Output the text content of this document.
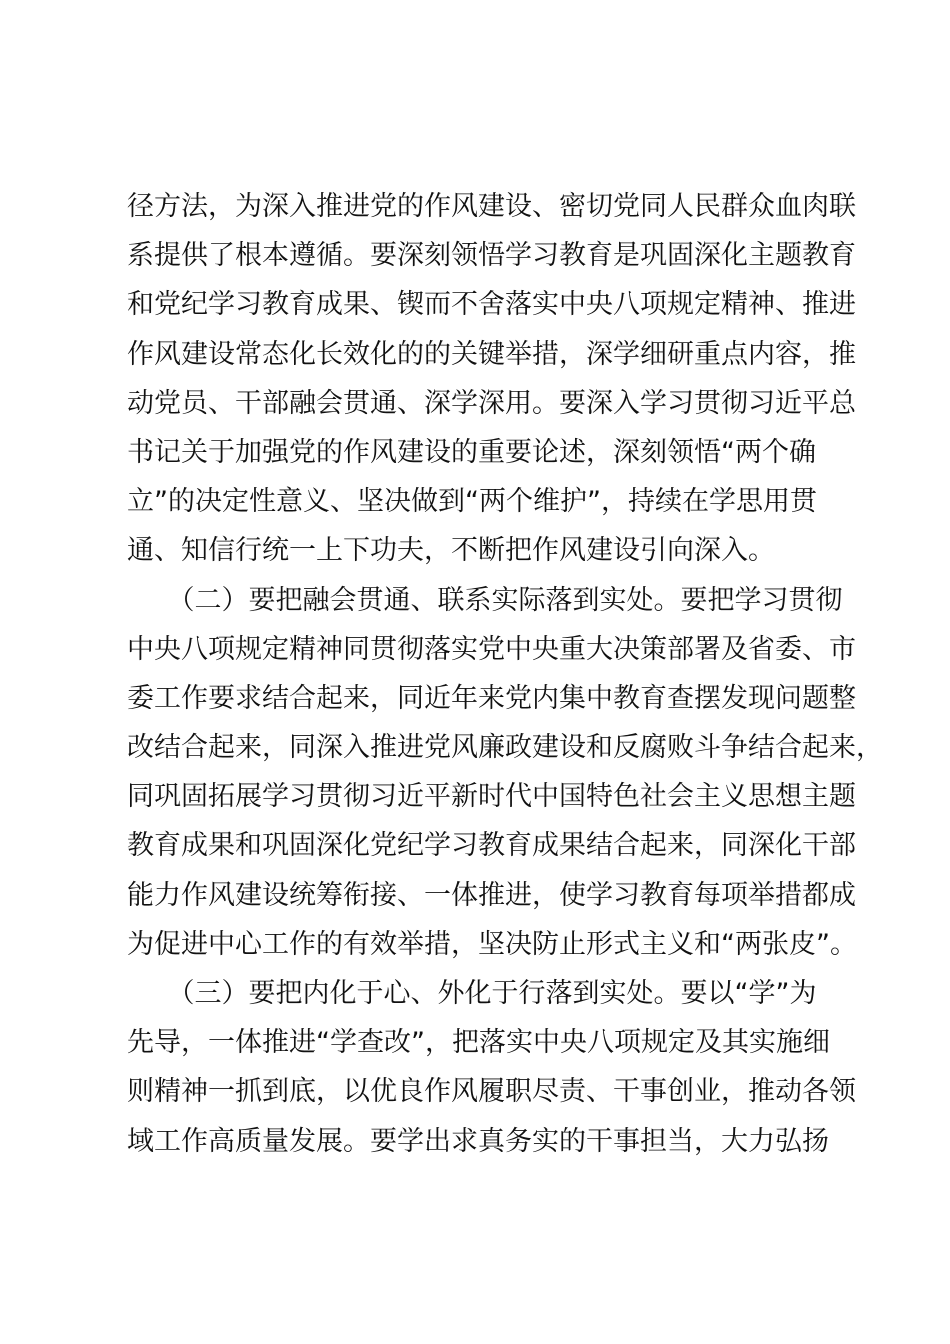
径方法，为深入推进党的作风建设、密切党同人民群众血肉联
系提供了根本遵循。要深刻领悟学习教育是巩固深化主题教育
和党纪学习教育成果、锲而不舍落实中央八项规定精神、推进
作风建设常态化长效化的的关键举措，深学细研重点内容，推
动党员、干部融会贯通、深学深用。要深入学习贯彻习近平总
书记关于加强党的作风建设的重要论述，深刻领悟“两个确
立”的决定性意义、坚决做到“两个维护”，持续在学思用贯
通、知信行统一上下功夫，不断把作风建设引向深入。
　　（二）要把融会贯通、联系实际落到实处。要把学习贯彻
中央八项规定精神同贯彻落实党中央重大决策部署及省委、市
委工作要求结合起来，同近年来党内集中教育查摆发现问题整
改结合起来，同深入推进党风廉政建设和反腐败斗争结合起来，
同巩固拓展学习贯彻习近平新时代中国特色社会主义思想主题
教育成果和巩固深化党纪学习教育成果结合起来，同深化干部
能力作风建设统筹衔接、一体推进，使学习教育每项举措都成
为促进中心工作的有效举措，坚决防止形式主义和“两张皮”。
　　（三）要把内化于心、外化于行落到实处。要以“学”为
先导，一体推进“学查改”，把落实中央八项规定及其实施细
则精神一抓到底，以优良作风履职尽责、干事创业，推动各领
域工作高质量发展。要学出求真务实的干事担当，大力弘扬
